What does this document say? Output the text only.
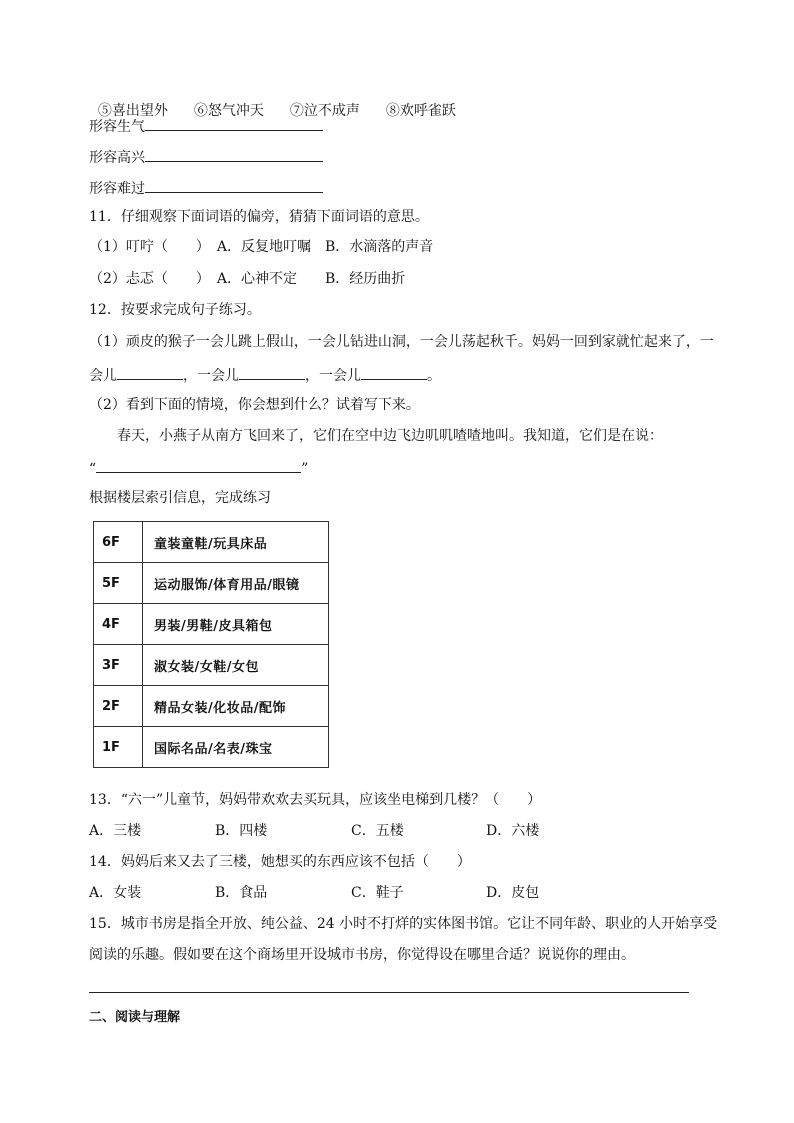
⑤喜出望外 ⑥怒气冲天 ⑦泣不成声 ⑧欢呼雀跃

形容生气
形容高兴
形容难过
11．仔细观察下面词语的偏旁，猜猜下面词语的意思。
（1）叮咛（　　）　A．反复地叮嘱　B．水滴落的声音
（2）忐忑（　　）　A．心神不定　　B．经历曲折
12．按要求完成句子练习。
（1）顽皮的猴子一会儿跳上假山，一会儿钻进山洞，一会儿荡起秋千。妈妈一回到家就忙起来了，一
会儿	，一会儿	，一会儿	。
（2）看到下面的情境，你会想到什么？试着写下来。
春天，小燕子从南方飞回来了，它们在空中边飞边叽叽喳喳地叫。我知道，它们是在说：
“	”
根据楼层索引信息，完成练习
6F	童装童鞋/玩具床品
5F	运动服饰/体育用品/眼镜
4F	男装/男鞋/皮具箱包
3F	淑女装/女鞋/女包
2F	精品女装/化妆品/配饰
1F	国际名品/名表/珠宝
13．“六一”儿童节，妈妈带欢欢去买玩具，应该坐电梯到几楼？（　　）
A．三楼	B．四楼	C．五楼	D．六楼
14．妈妈后来又去了三楼，她想买的东西应该不包括（　　）
A．女装	B．食品	C．鞋子	D．皮包
15．城市书房是指全开放、纯公益、24 小时不打烊的实体图书馆。它让不同年龄、职业的人开始享受
阅读的乐趣。假如要在这个商场里开设城市书房，你觉得设在哪里合适？说说你的理由。
二、阅读与理解
